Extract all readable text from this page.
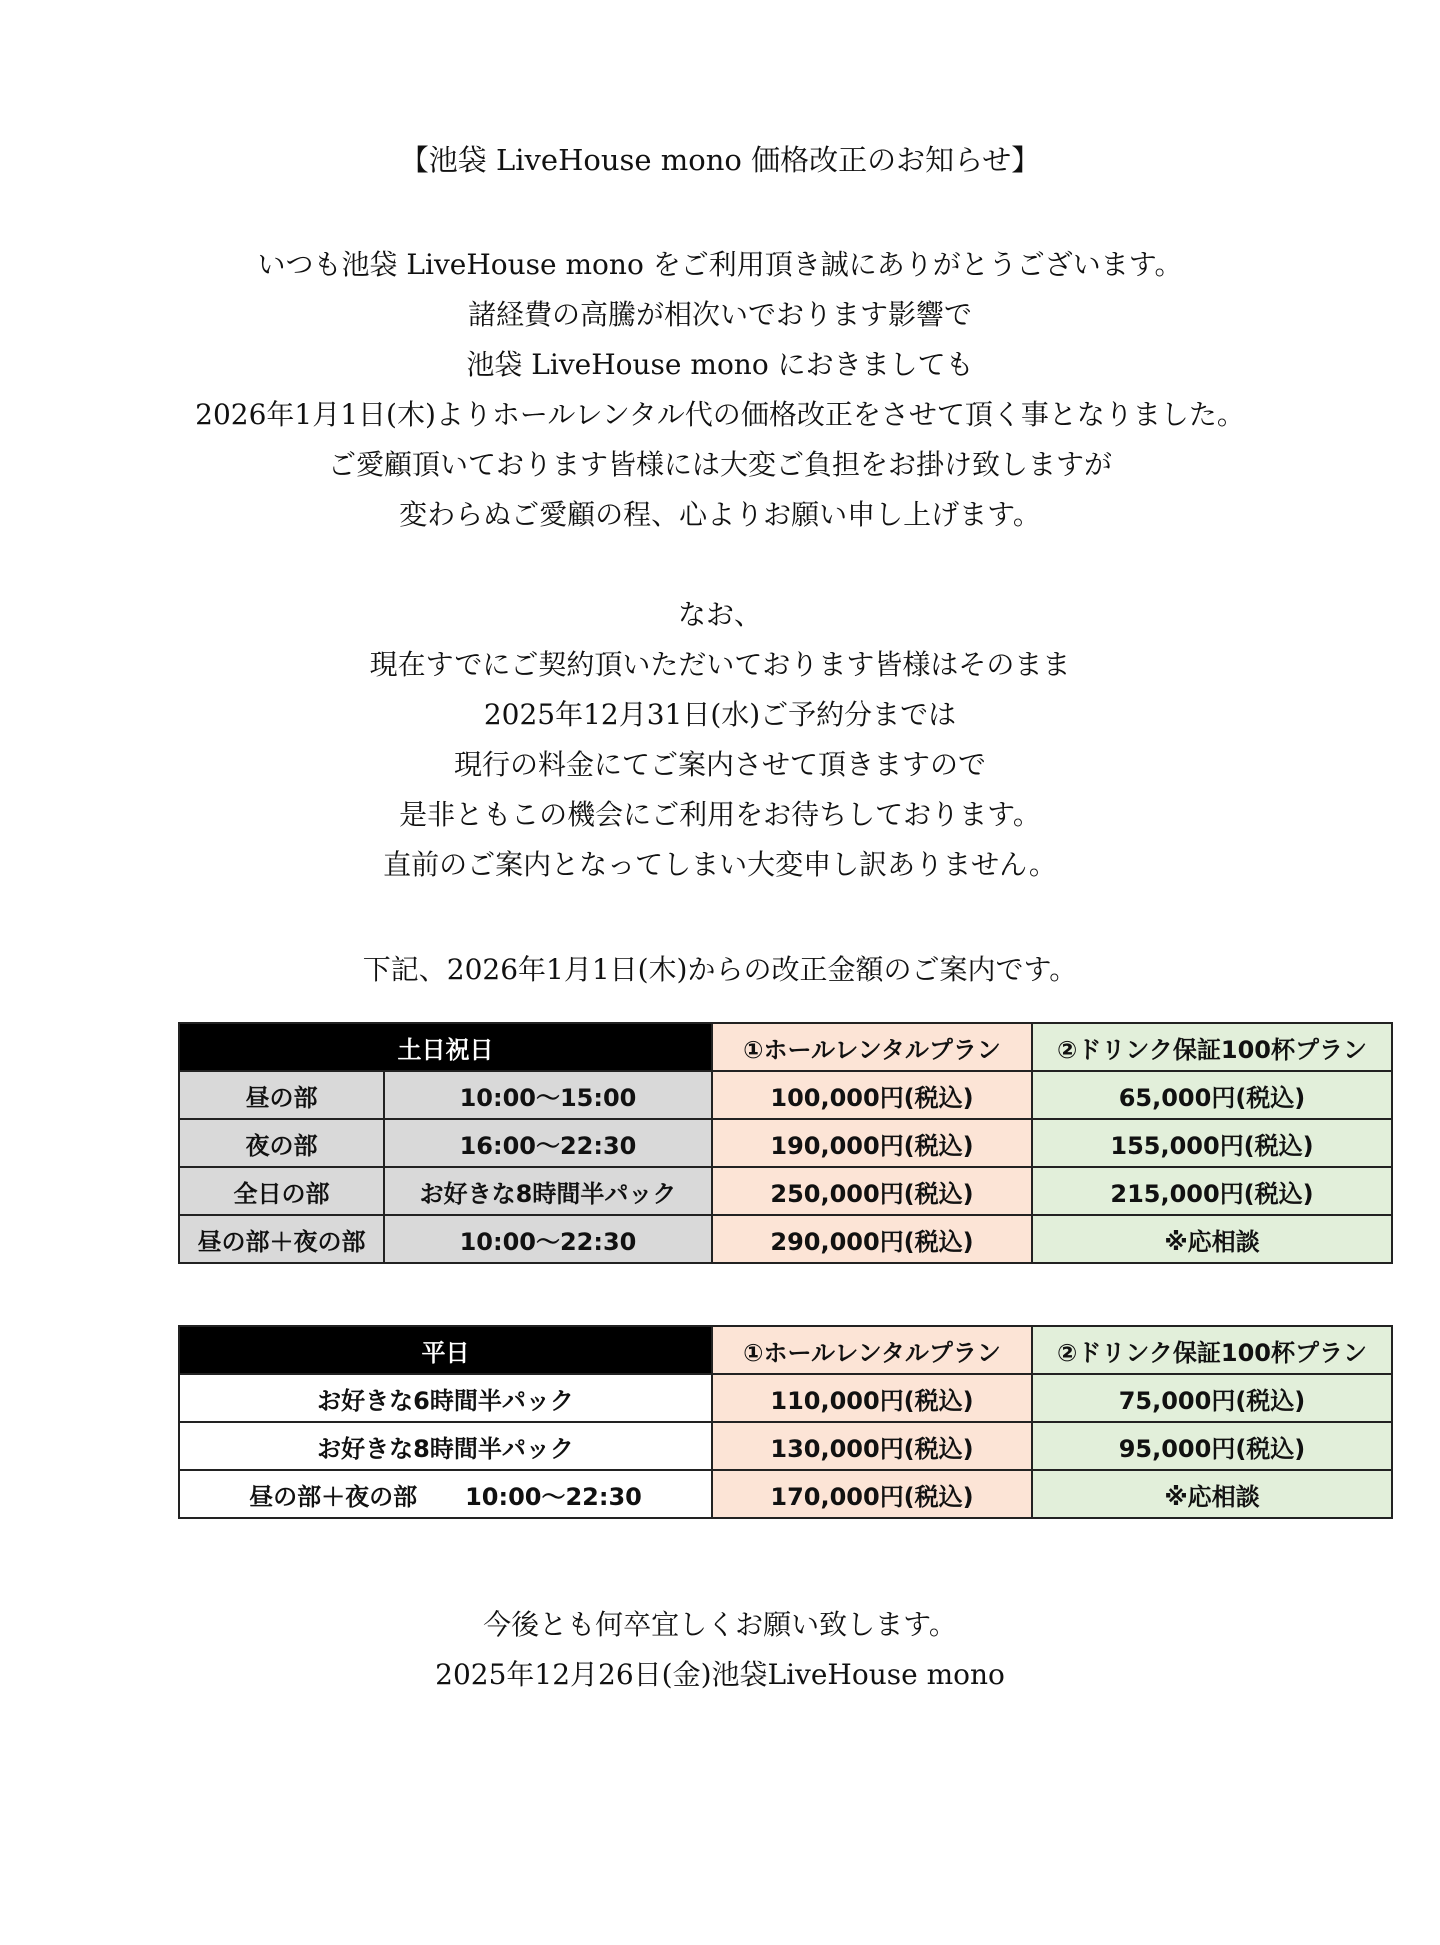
【池袋 LiveHouse mono 価格改正のお知らせ】
いつも池袋 LiveHouse mono をご利用頂き誠にありがとうございます。
諸経費の高騰が相次いでおります影響で
池袋 LiveHouse mono におきましても
2026年1月1日(木)よりホールレンタル代の価格改正をさせて頂く事となりました。
ご愛顧頂いております皆様には大変ご負担をお掛け致しますが
変わらぬご愛顧の程、心よりお願い申し上げます。
なお、
現在すでにご契約頂いただいております皆様はそのまま
2025年12月31日(水)ご予約分までは
現行の料金にてご案内させて頂きますので
是非ともこの機会にご利用をお待ちしております。
直前のご案内となってしまい大変申し訳ありません。
下記、2026年1月1日(木)からの改正金額のご案内です。
土日祝日		①ホールレンタルプラン	②ドリンク保証100杯プラン
昼の部	10:00～15:00	100,000円(税込)	65,000円(税込)
夜の部	16:00～22:30	190,000円(税込)	155,000円(税込)
全日の部	お好きな8時間半パック	250,000円(税込)	215,000円(税込)
昼の部＋夜の部	10:00～22:30	290,000円(税込)	※応相談
平日	①ホールレンタルプラン	②ドリンク保証100杯プラン
お好きな6時間半パック	110,000円(税込)	75,000円(税込)
お好きな8時間半パック	130,000円(税込)	95,000円(税込)
昼の部＋夜の部　　10:00～22:30	170,000円(税込)	※応相談
今後とも何卒宜しくお願い致します。
2025年12月26日(金)池袋LiveHouse mono
